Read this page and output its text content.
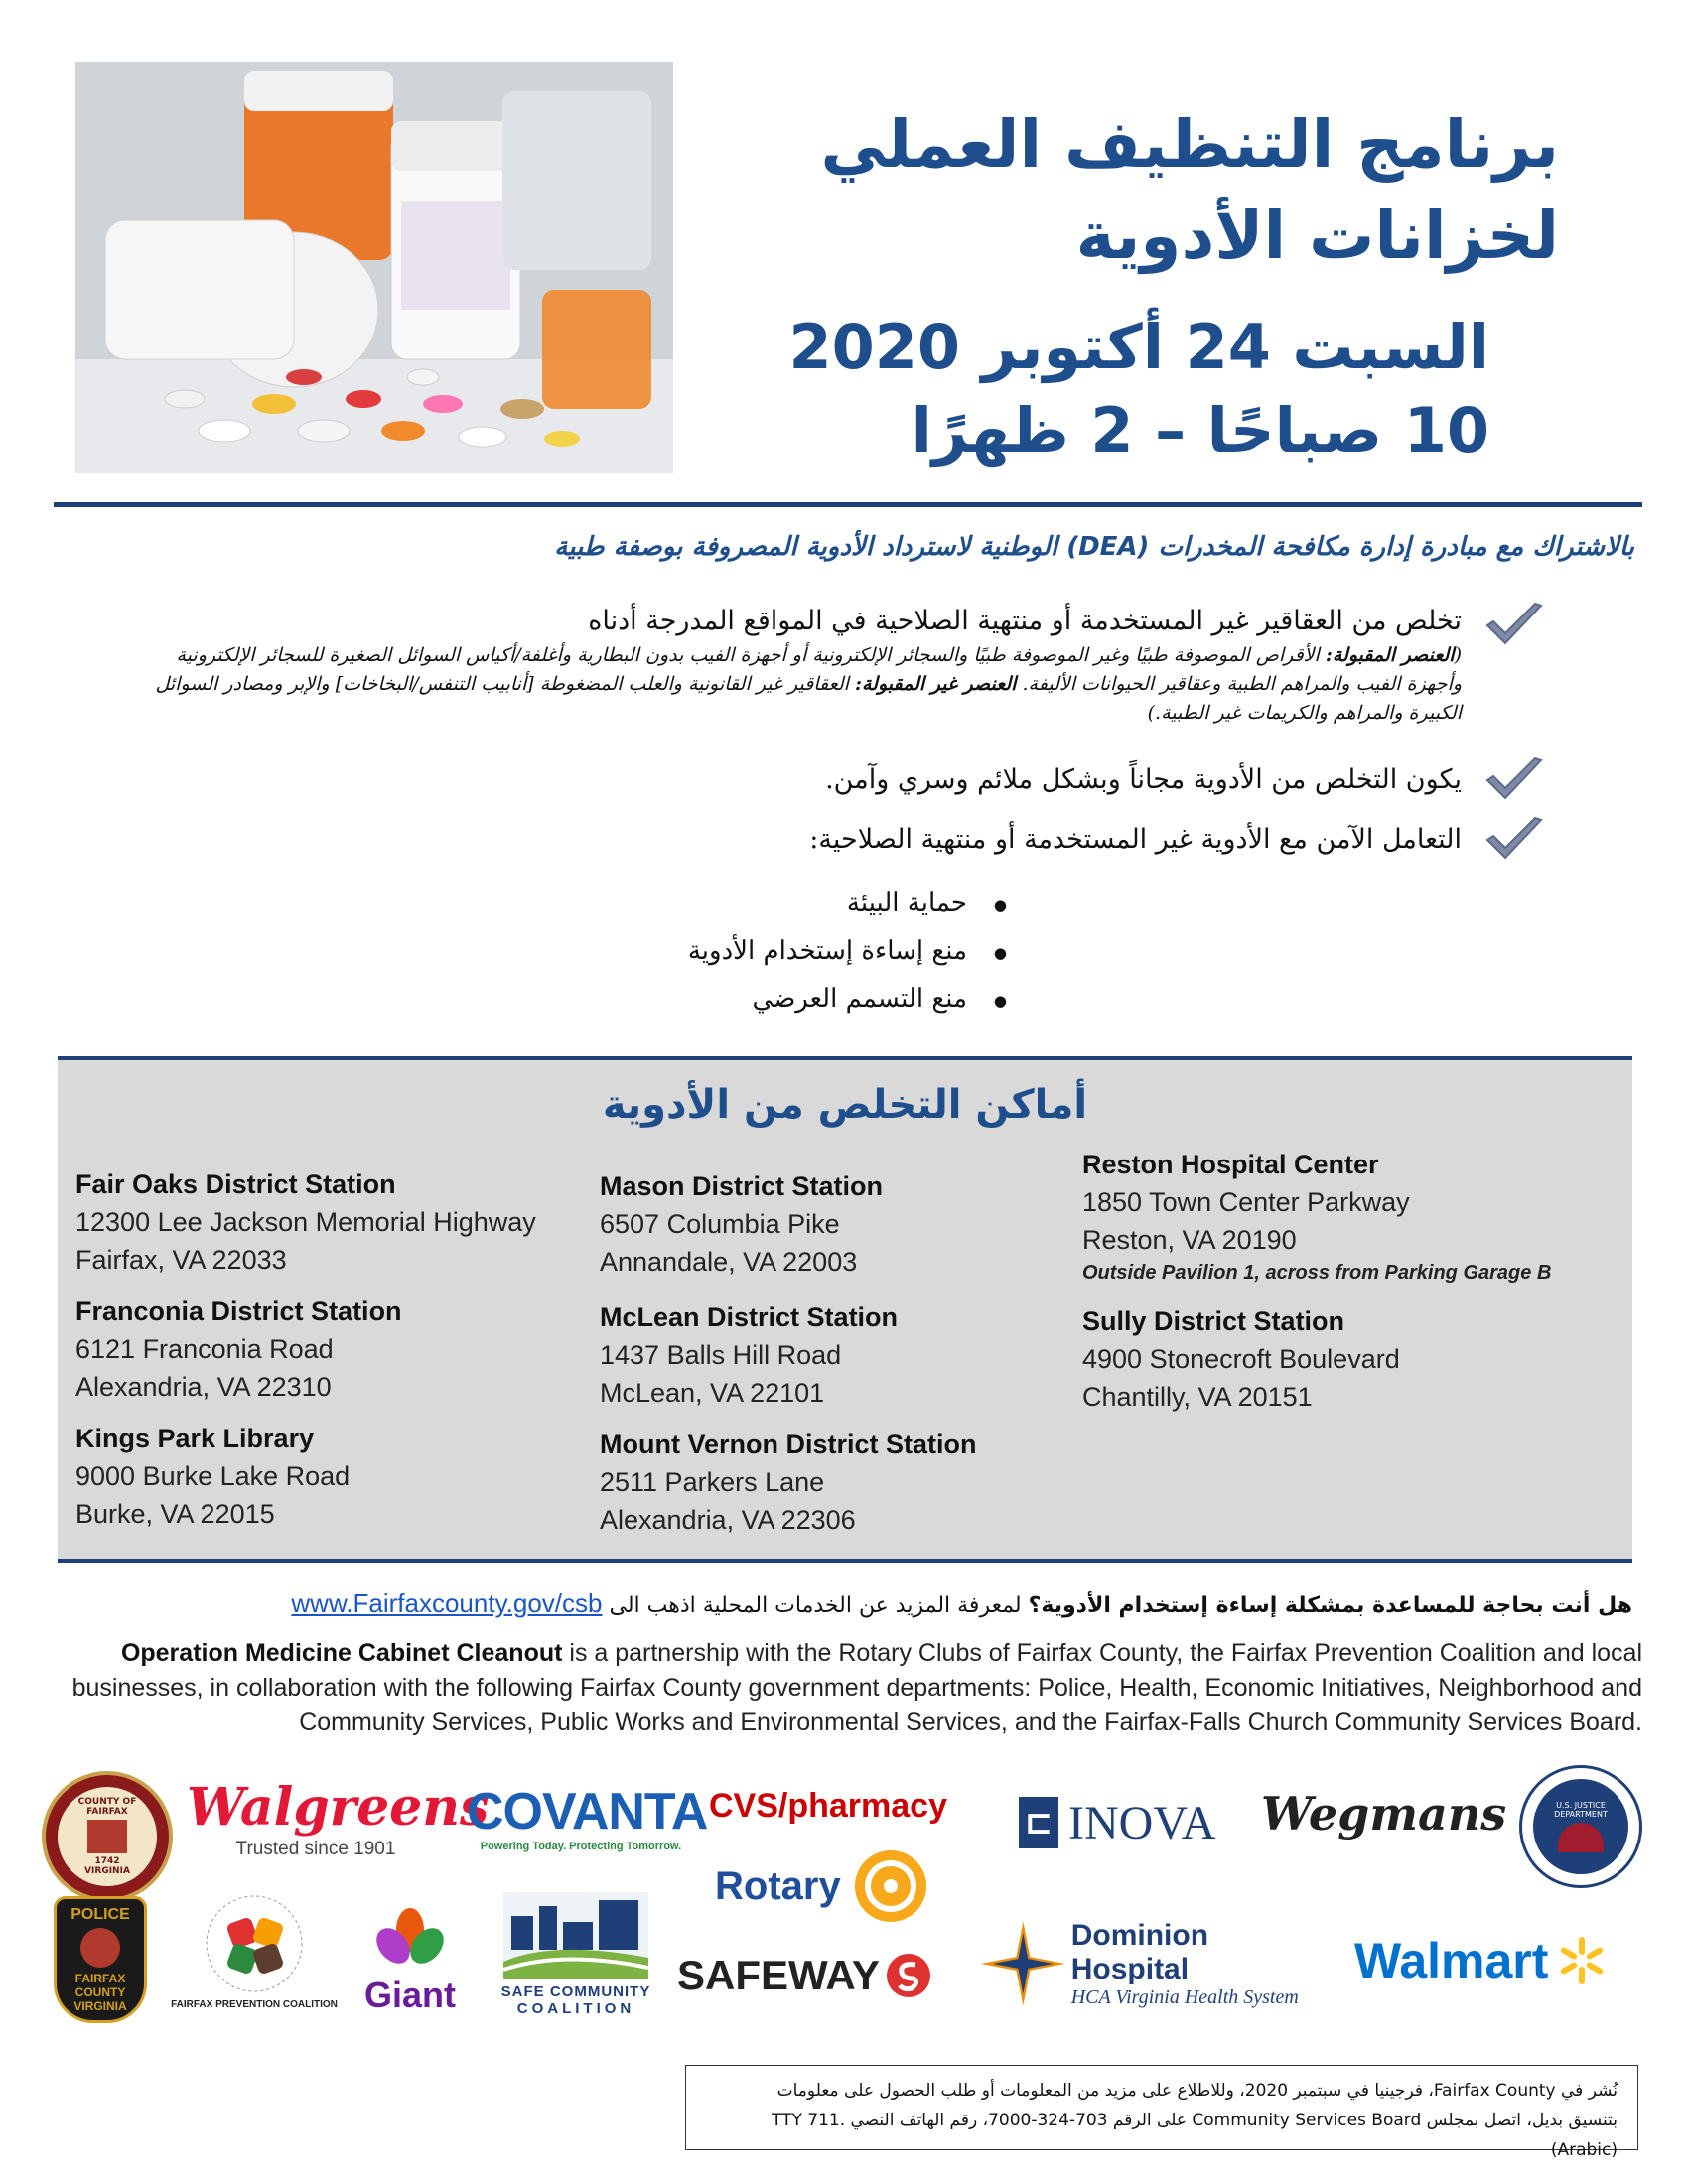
برنامج التنظيف العملي
لخزانات الأدوية
السبت 24 أكتوبر 2020
10 صباحًا – 2 ظهرًا
بالاشتراك مع مبادرة إدارة مكافحة المخدرات (DEA) الوطنية لاسترداد الأدوية المصروفة بوصفة طبية
تخلص من العقاقير غير المستخدمة أو منتهية الصلاحية في المواقع المدرجة أدناه
(العنصر المقبولة: الأقراص الموصوفة طبيًا وغير الموصوفة طبيًا والسجائر الإلكترونية أو أجهزة الفيب بدون البطارية وأغلفة/أكياس السوائل الصغيرة للسجائر الإلكترونية وأجهزة الفيب والمراهم الطبية وعقاقير الحيوانات الأليفة. العنصر غير المقبولة: العقاقير غير القانونية والعلب المضغوطة [أنابيب التنفس/البخاخات] والإبر ومصادر السوائل الكبيرة والمراهم والكريمات غير الطبية.)
يكون التخلص من الأدوية مجاناً وبشكل ملائم وسري وآمن.
التعامل الآمن مع الأدوية غير المستخدمة أو منتهية الصلاحية:
● حماية البيئة
● منع إساءة إستخدام الأدوية
● منع التسمم العرضي
أماكن التخلص من الأدوية
Fair Oaks District Station
12300 Lee Jackson Memorial Highway
Fairfax, VA 22033
Franconia District Station
6121 Franconia Road
Alexandria, VA 22310
Kings Park Library
9000 Burke Lake Road
Burke, VA 22015
Mason District Station
6507 Columbia Pike
Annandale, VA 22003
McLean District Station
1437 Balls Hill Road
McLean, VA 22101
Mount Vernon District Station
2511 Parkers Lane
Alexandria, VA 22306
Reston Hospital Center
1850 Town Center Parkway
Reston, VA 20190
Outside Pavilion 1, across from Parking Garage B
Sully District Station
4900 Stonecroft Boulevard
Chantilly, VA 20151
هل أنت بحاجة للمساعدة بمشكلة إساءة إستخدام الأدوية؟ لمعرفة المزيد عن الخدمات المحلية اذهب الى www.Fairfaxcounty.gov/csb
Operation Medicine Cabinet Cleanout is a partnership with the Rotary Clubs of Fairfax County, the Fairfax Prevention Coalition and local businesses, in collaboration with the following Fairfax County government departments: Police, Health, Economic Initiatives, Neighborhood and Community Services, Public Works and Environmental Services, and the Fairfax-Falls Church Community Services Board.
COUNTY OF FAIRFAX
1742
VIRGINIA
Walgreens
Trusted since 1901
COVANTA
Powering Today. Protecting Tomorrow.
CVS/pharmacy
Rotary
⊏ INOVA Wegmans	U.S. JUSTICE DEPARTMENT
POLICE
FAIRFAX
COUNTY
VIRGINIA	FAIRFAX PREVENTION COALITION Giant	SAFE COMMUNITY
COALITION
SAFEWAY
Dominion Hospital
HCA Virginia Health System
Walmart
نُشر في Fairfax County، فرجينيا في سبتمبر 2020، وللاطلاع على مزيد من المعلومات أو طلب الحصول على معلومات
بتنسيق بديل، اتصل بمجلس Community Services Board على الرقم 703-324-7000، رقم الهاتف النصي TTY 711. (Arabic)
